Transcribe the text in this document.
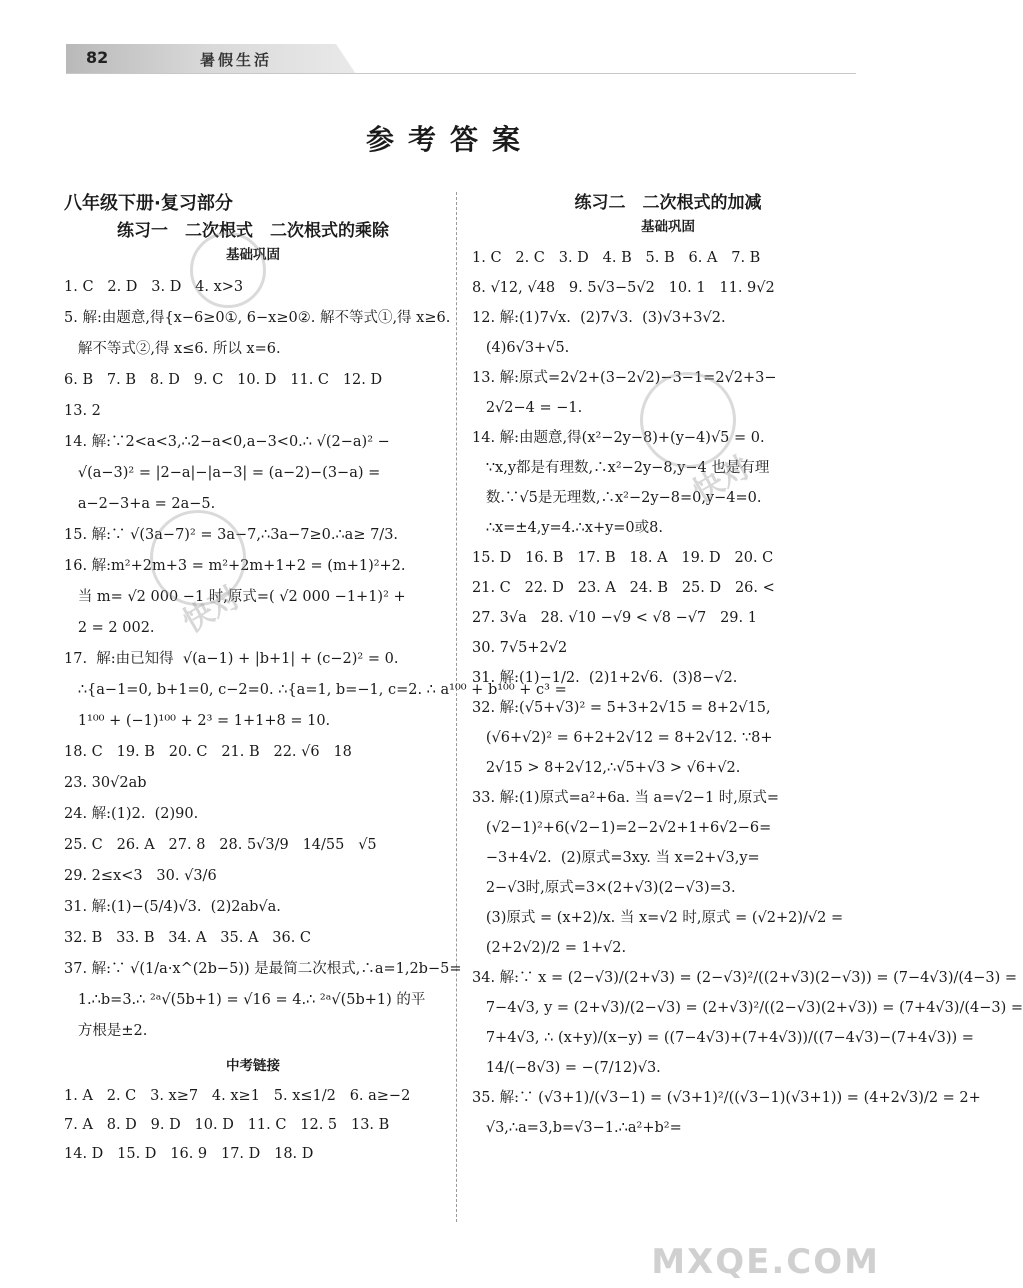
82	暑假生活
参考答案
八年级下册·复习部分
练习一　二次根式　二次根式的乘除
基础巩固
1. C   2. D   3. D   4. x>3
5. 解:由题意,得{x−6≥0①, 6−x≥0②. 解不等式①,得 x≥6.
解不等式②,得 x≤6. 所以 x=6.
6. B   7. B   8. D   9. C   10. D   11. C   12. D
13. 2
14. 解:∵2<a<3,∴2−a<0,a−3<0.∴ √(2−a)² −
√(a−3)² = |2−a|−|a−3| = (a−2)−(3−a) =
a−2−3+a = 2a−5.
15. 解:∵ √(3a−7)² = 3a−7,∴3a−7≥0.∴a≥ 7/3.
16. 解:m²+2m+3 = m²+2m+1+2 = (m+1)²+2.
当 m= √2 000 −1 时,原式=( √2 000 −1+1)² +
2 = 2 002.
17.  解:由已知得  √(a−1) + |b+1| + (c−2)² = 0.
∴{a−1=0, b+1=0, c−2=0. ∴{a=1, b=−1, c=2. ∴ a¹⁰⁰ + b¹⁰⁰ + c³ =
1¹⁰⁰ + (−1)¹⁰⁰ + 2³ = 1+1+8 = 10.
18. C   19. B   20. C   21. B   22. √6   18
23. 30√2ab
24. 解:(1)2.  (2)90.
25. C   26. A   27. 8   28. 5√3/9   14/55   √5
29. 2≤x<3   30. √3/6
31. 解:(1)−(5/4)√3.  (2)2ab√a.
32. B   33. B   34. A   35. A   36. C
37. 解:∵ √(1/a·x^(2b−5)) 是最简二次根式,∴a=1,2b−5=
1.∴b=3.∴ ²ᵃ√(5b+1) = √16 = 4.∴ ²ᵃ√(5b+1) 的平
方根是±2.
中考链接
1. A   2. C   3. x≥7   4. x≥1   5. x≤1/2   6. a≥−2
7. A   8. D   9. D   10. D   11. C   12. 5   13. B
14. D   15. D   16. 9   17. D   18. D
练习二　二次根式的加减
基础巩固
1. C   2. C   3. D   4. B   5. B   6. A   7. B
8. √12, √48   9. 5√3−5√2   10. 1   11. 9√2
12. 解:(1)7√x.  (2)7√3.  (3)√3+3√2.
(4)6√3+√5.
13. 解:原式=2√2+(3−2√2)−3−1=2√2+3−
2√2−4 = −1.
14. 解:由题意,得(x²−2y−8)+(y−4)√5 = 0.
∵x,y都是有理数,∴x²−2y−8,y−4 也是有理
数.∵√5是无理数,∴x²−2y−8=0,y−4=0.
∴x=±4,y=4.∴x+y=0或8.
15. D   16. B   17. B   18. A   19. D   20. C
21. C   22. D   23. A   24. B   25. D   26. <
27. 3√a   28. √10 −√9 < √8 −√7   29. 1
30. 7√5+2√2
31. 解:(1)−1/2.  (2)1+2√6.  (3)8−√2.
32. 解:(√5+√3)² = 5+3+2√15 = 8+2√15,
(√6+√2)² = 6+2+2√12 = 8+2√12. ∵8+
2√15 > 8+2√12,∴√5+√3 > √6+√2.
33. 解:(1)原式=a²+6a. 当 a=√2−1 时,原式=
(√2−1)²+6(√2−1)=2−2√2+1+6√2−6=
−3+4√2.  (2)原式=3xy. 当 x=2+√3,y=
2−√3时,原式=3×(2+√3)(2−√3)=3.
(3)原式 = (x+2)/x. 当 x=√2 时,原式 = (√2+2)/√2 =
(2+2√2)/2 = 1+√2.
34. 解:∵ x = (2−√3)/(2+√3) = (2−√3)²/((2+√3)(2−√3)) = (7−4√3)/(4−3) =
7−4√3, y = (2+√3)/(2−√3) = (2+√3)²/((2−√3)(2+√3)) = (7+4√3)/(4−3) =
7+4√3, ∴ (x+y)/(x−y) = ((7−4√3)+(7+4√3))/((7−4√3)−(7+4√3)) =
14/(−8√3) = −(7/12)√3.
35. 解:∵ (√3+1)/(√3−1) = (√3+1)²/((√3−1)(√3+1)) = (4+2√3)/2 = 2+
√3,∴a=3,b=√3−1.∴a²+b²=
快对
快对
MXQE.COM
